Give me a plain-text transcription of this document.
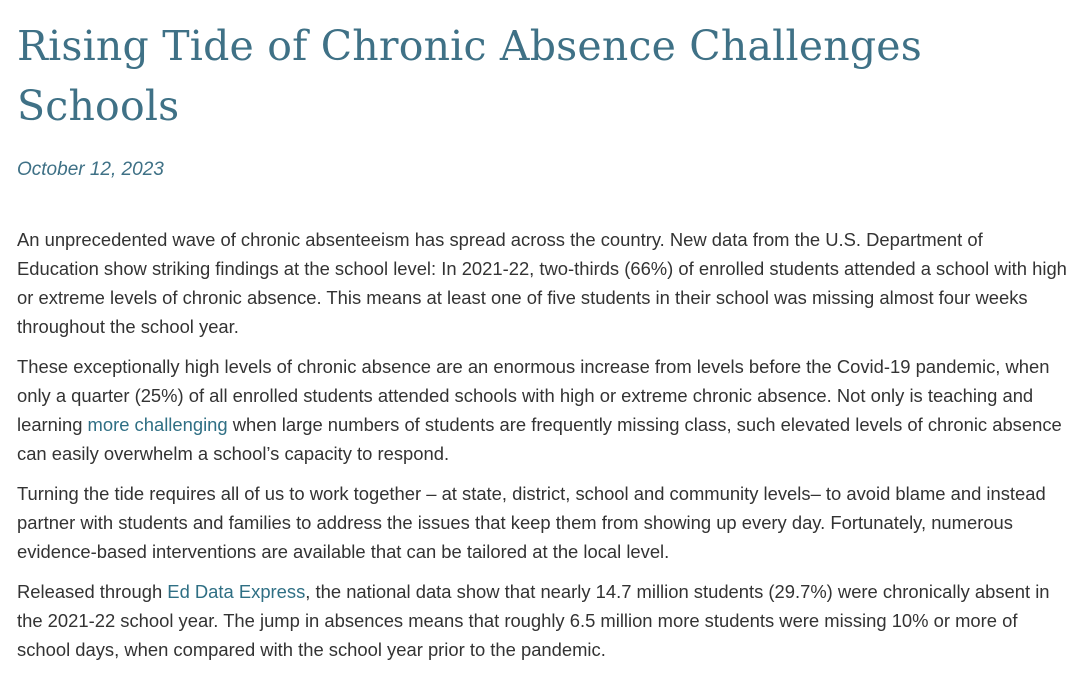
Rising Tide of Chronic Absence Challenges Schools
October 12, 2023

An unprecedented wave of chronic absenteeism has spread across the country. New data from the U.S. Department of Education show striking findings at the school level: In 2021-22, two-thirds (66%) of enrolled students attended a school with high or extreme levels of chronic absence. This means at least one of five students in their school was missing almost four weeks throughout the school year.

These exceptionally high levels of chronic absence are an enormous increase from levels before the Covid-19 pandemic, when only a quarter (25%) of all enrolled students attended schools with high or extreme chronic absence. Not only is teaching and learning more challenging when large numbers of students are frequently missing class, such elevated levels of chronic absence can easily overwhelm a school’s capacity to respond.

Turning the tide requires all of us to work together – at state, district, school and community levels– to avoid blame and instead partner with students and families to address the issues that keep them from showing up every day. Fortunately, numerous evidence-based interventions are available that can be tailored at the local level.

Released through Ed Data Express, the national data show that nearly 14.7 million students (29.7%) were chronically absent in the 2021-22 school year. The jump in absences means that roughly 6.5 million more students were missing 10% or more of school days, when compared with the school year prior to the pandemic.
